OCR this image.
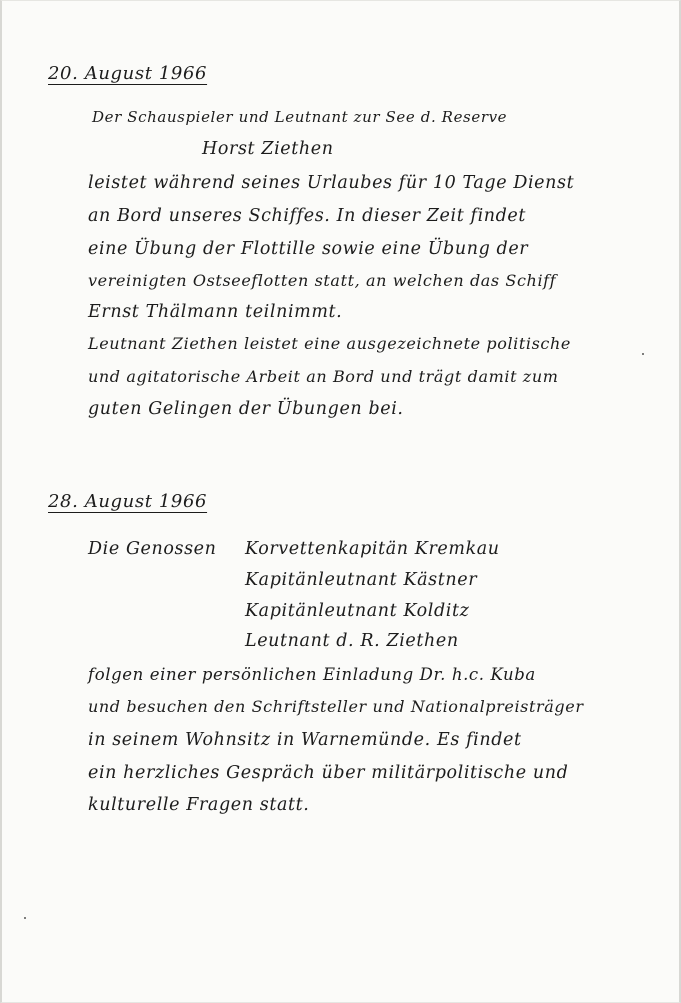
20. August 1966
Der Schauspieler und Leutnant zur See d. Reserve
Horst Ziethen
leistet während seines Urlaubes für 10 Tage Dienst
an Bord unseres Schiffes. In dieser Zeit findet
eine Übung der Flottille sowie eine Übung der
vereinigten Ostseeflotten statt, an welchen das Schiff
Ernst Thälmann teilnimmt.
Leutnant Ziethen leistet eine ausgezeichnete politische
und agitatorische Arbeit an Bord und trägt damit zum
guten Gelingen der Übungen bei.
28. August 1966
Die Genossen Korvettenkapitän Kremkau
Kapitänleutnant Kästner
Kapitänleutnant Kolditz
Leutnant d. R. Ziethen
folgen einer persönlichen Einladung Dr. h.c. Kuba
und besuchen den Schriftsteller und Nationalpreisträger
in seinem Wohnsitz in Warnemünde. Es findet
ein herzliches Gespräch über militärpolitische und
kulturelle Fragen statt.
